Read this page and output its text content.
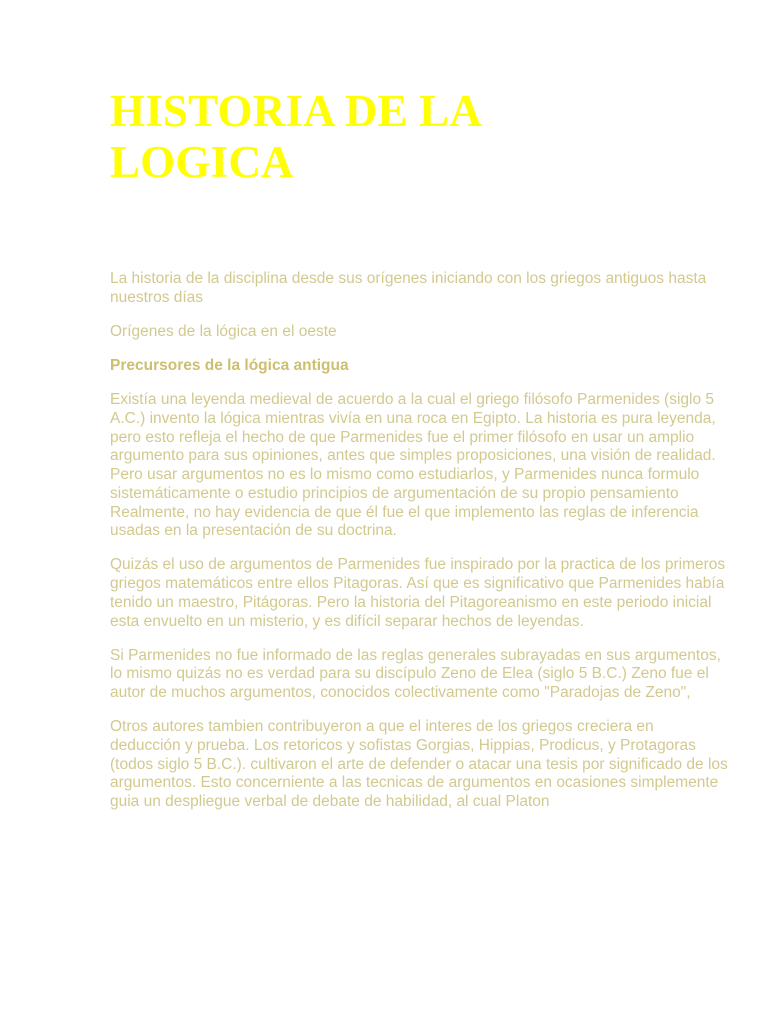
HISTORIA DE LA
LOGICA

La historia de la disciplina desde sus orígenes iniciando con los griegos antiguos hasta nuestros días

Orígenes de la lógica en el oeste

Precursores de la lógica antigua

Existía una leyenda medieval de acuerdo a la cual el griego filósofo Parmenides (siglo 5 A.C.) invento la lógica mientras vivía en una roca en Egipto. La historia es pura leyenda, pero esto refleja el hecho de que Parmenides fue el primer filósofo en usar un amplio argumento para sus opiniones, antes que simples proposiciones, una visión de realidad. Pero usar argumentos no es lo mismo como estudiarlos, y Parmenides nunca formulo sistemáticamente o estudio principios de argumentación de su propio pensamiento Realmente, no hay evidencia de que él fue el que implemento las reglas de inferencia usadas en la presentación de su doctrina.

Quizás el uso de argumentos de Parmenides fue inspirado por la practica de los primeros griegos matemáticos entre ellos Pitagoras. Así que es significativo que Parmenides había tenido un maestro, Pitágoras. Pero la historia del Pitagoreanismo en este periodo inicial esta envuelto en un misterio, y es difícil separar hechos de leyendas.

Si Parmenides no fue informado de las reglas generales subrayadas en sus argumentos, lo mismo quizás no es verdad para su discípulo Zeno de Elea (siglo 5 B.C.) Zeno fue el autor de muchos argumentos, conocidos colectivamente como "Paradojas de Zeno",

Otros autores tambien contribuyeron a que el interes de los griegos creciera en deducción y prueba. Los retoricos y sofistas Gorgias, Hippias, Prodicus, y Protagoras (todos siglo 5 B.C.). cultivaron el arte de defender o atacar una tesis por significado de los argumentos. Esto concerniente a las tecnicas de argumentos en ocasiones simplemente guia un despliegue verbal de debate de habilidad, al cual Platon
